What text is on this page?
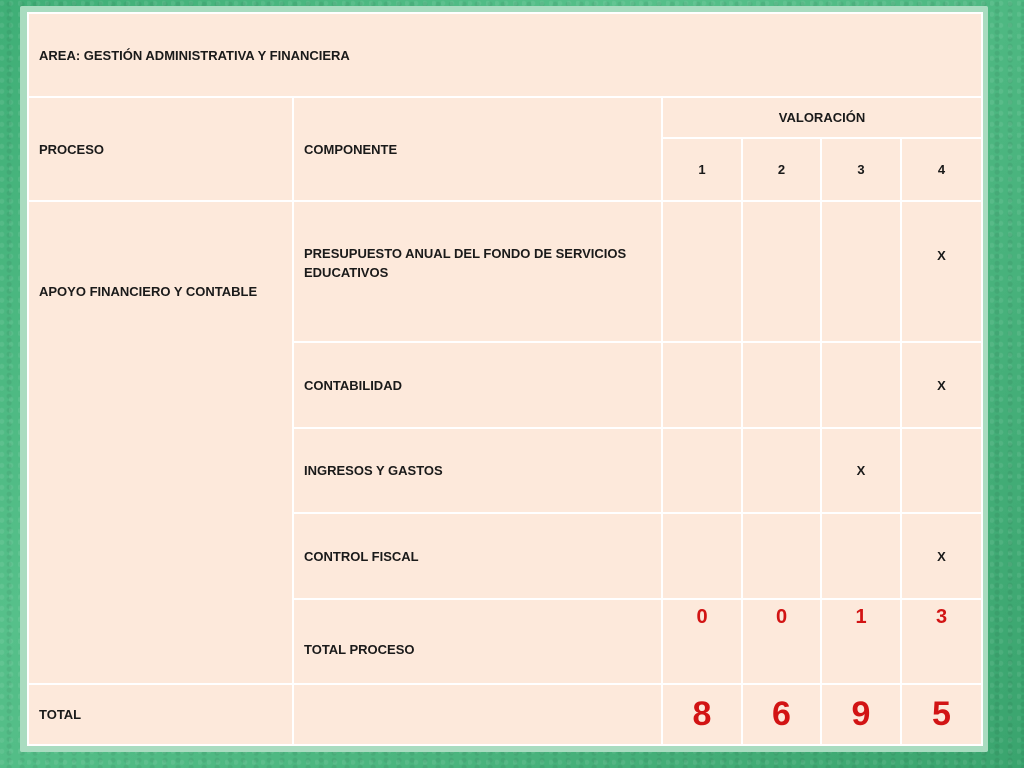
AREA: GESTIÓN ADMINISTRATIVA Y FINANCIERA					
PROCESO	COMPONENTE	VALORACIÓN			
		1	2	3	4
APOYO FINANCIERO Y CONTABLE	PRESUPUESTO ANUAL DEL FONDO DE SERVICIOS EDUCATIVOS				X
	CONTABILIDAD				X
	INGRESOS Y GASTOS			X	
	CONTROL FISCAL				X
	TOTAL PROCESO	0	0	1	3
TOTAL		8	6	9	5
